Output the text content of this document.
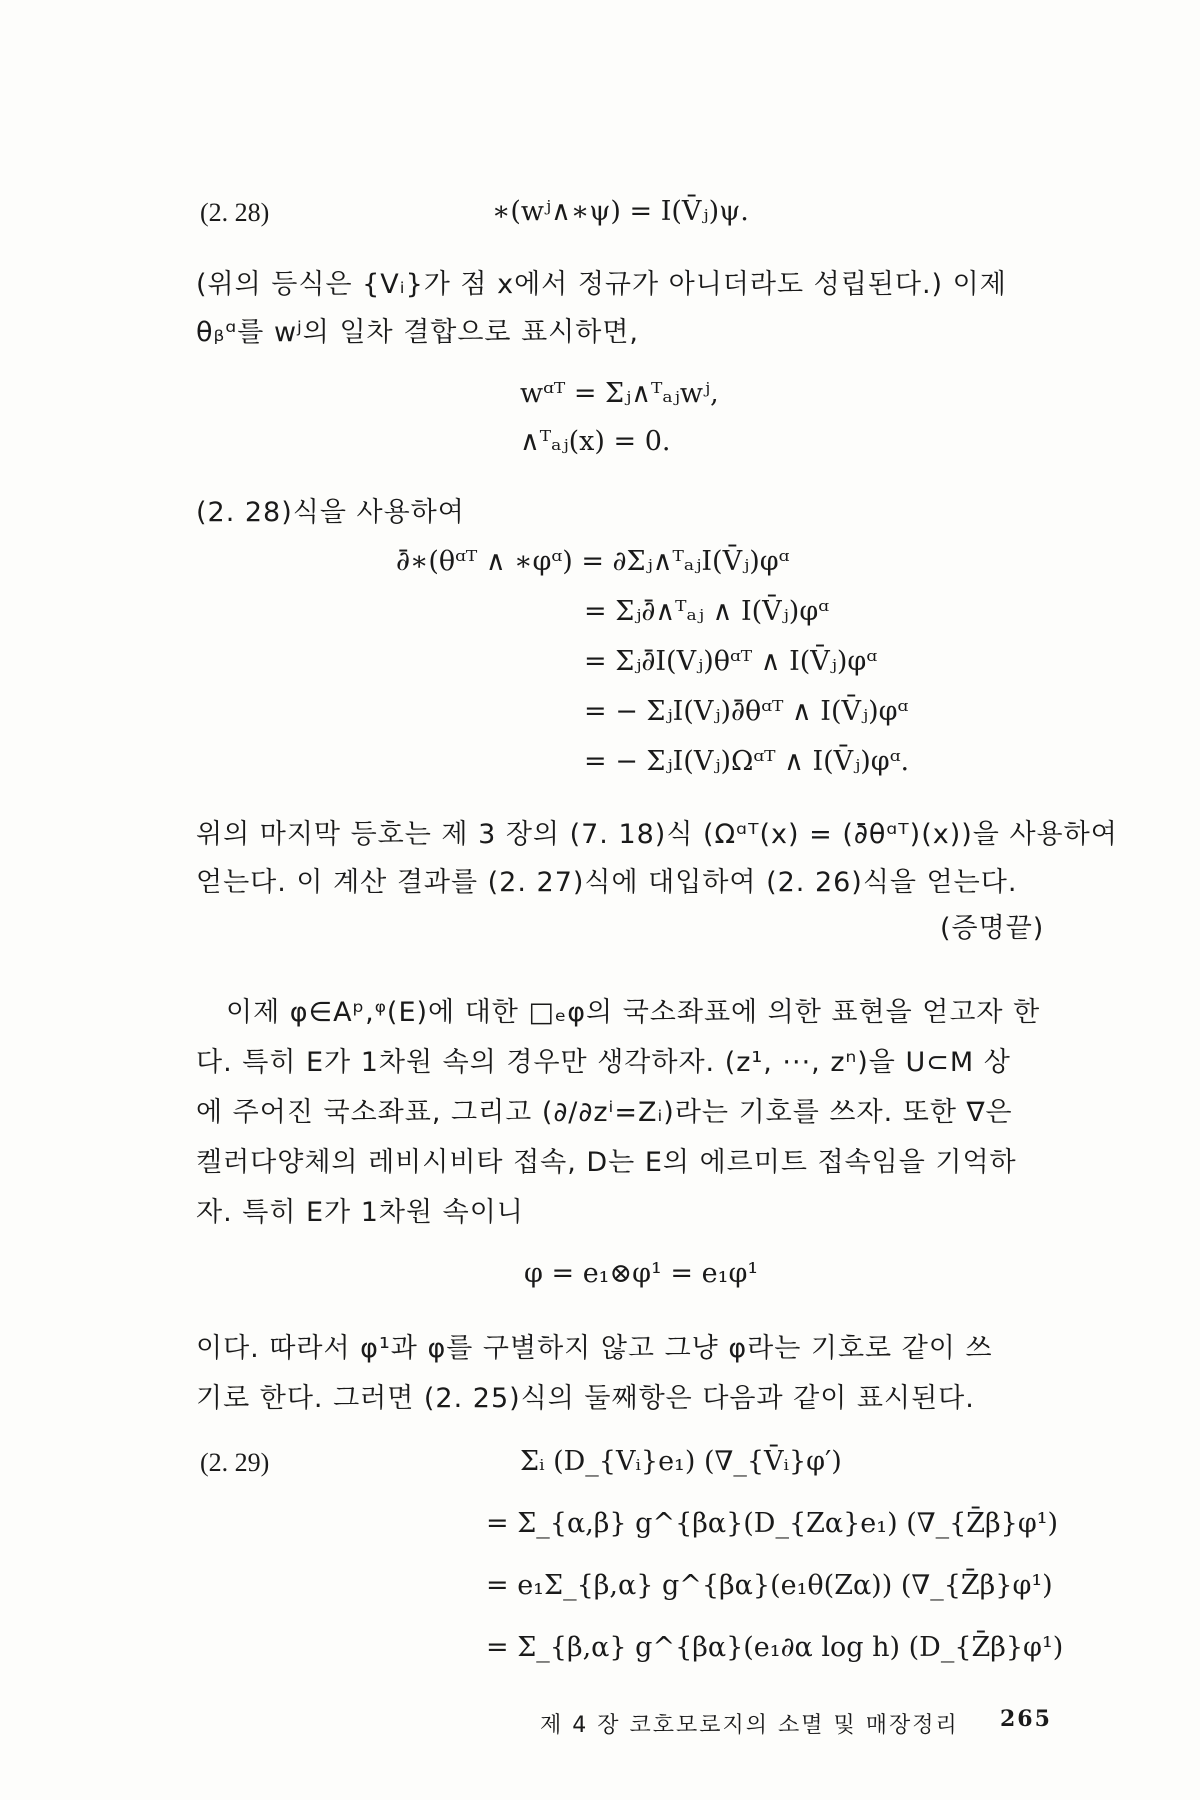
(2. 28)	∗(wʲ∧∗ψ) = I(V̄ⱼ)ψ.
(위의 등식은 {Vᵢ}가 점 x에서 정규가 아니더라도 성립된다.) 이제
θᵦᵅ를 wʲ의 일차 결합으로 표시하면,
wᵅᵀ = Σⱼ∧ᵀₐⱼwʲ,
∧ᵀₐⱼ(x) = 0.
(2. 28)식을 사용하여
∂̄∗(θᵅᵀ ∧ ∗φᵅ) = ∂Σⱼ∧ᵀₐⱼI(V̄ⱼ)φᵅ
= Σⱼ∂̄∧ᵀₐⱼ ∧ I(V̄ⱼ)φᵅ
= Σⱼ∂̄I(Vⱼ)θᵅᵀ ∧ I(V̄ⱼ)φᵅ
= − ΣⱼI(Vⱼ)∂̄θᵅᵀ ∧ I(V̄ⱼ)φᵅ
= − ΣⱼI(Vⱼ)Ωᵅᵀ ∧ I(V̄ⱼ)φᵅ.
위의 마지막 등호는 제 3 장의 (7. 18)식 (Ωᵅᵀ(x) = (∂̄θᵅᵀ)(x))을 사용하여
얻는다. 이 계산 결과를 (2. 27)식에 대입하여 (2. 26)식을 얻는다.
(증명끝)
이제 φ∈Aᵖ,ᵠ(E)에 대한 □ₑφ의 국소좌표에 의한 표현을 얻고자 한
다. 특히 E가 1차원 속의 경우만 생각하자. (z¹, ···, zⁿ)을 U⊂M 상
에 주어진 국소좌표, 그리고 (∂/∂zⁱ=Zᵢ)라는 기호를 쓰자. 또한 ∇은
켈러다양체의 레비시비타 접속, D는 E의 에르미트 접속임을 기억하
자. 특히 E가 1차원 속이니
φ = e₁⊗φ¹ = e₁φ¹
이다. 따라서 φ¹과 φ를 구별하지 않고 그냥 φ라는 기호로 같이 쓰
기로 한다. 그러면 (2. 25)식의 둘째항은 다음과 같이 표시된다.
(2. 29)	Σᵢ (D_{Vᵢ}e₁) (∇_{V̄ᵢ}φ′)
= Σ_{α,β} g^{βα}(D_{Zα}e₁) (∇_{Z̄β}φ¹)
= e₁Σ_{β,α} g^{βα}(e₁θ(Zα)) (∇_{Z̄β}φ¹)
= Σ_{β,α} g^{βα}(e₁∂α log h) (D_{Z̄β}φ¹)
제 4 장 코호모로지의 소멸 및 매장정리 265
